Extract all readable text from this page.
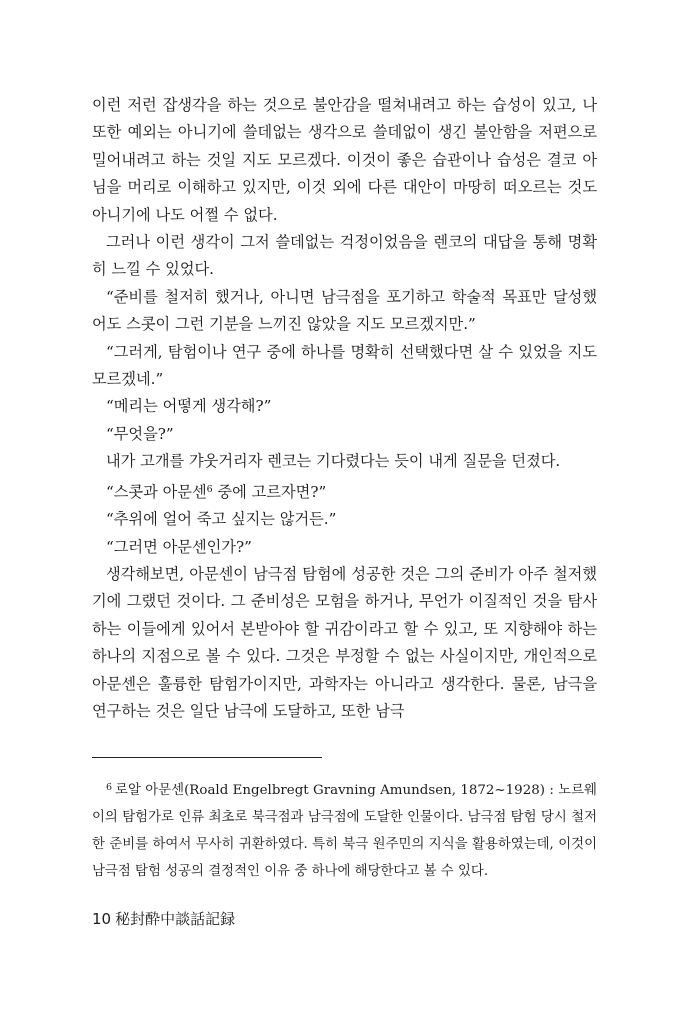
이런 저런 잡생각을 하는 것으로 불안감을 떨쳐내려고 하는 습성이 있고, 나 또한 예외는 아니기에 쓸데없는 생각으로 쓸데없이 생긴 불안함을 저편으로 밀어내려고 하는 것일 지도 모르겠다. 이것이 좋은 습관이나 습성은 결코 아님을 머리로 이해하고 있지만, 이것 외에 다른 대안이 마땅히 떠오르는 것도 아니기에 나도 어쩔 수 없다.

그러나 이런 생각이 그저 쓸데없는 걱정이었음을 렌코의 대답을 통해 명확히 느낄 수 있었다.

“준비를 철저히 했거나, 아니면 남극점을 포기하고 학술적 목표만 달성했어도 스콧이 그런 기분을 느끼진 않았을 지도 모르겠지만.”

“그러게, 탐험이나 연구 중에 하나를 명확히 선택했다면 살 수 있었을 지도 모르겠네.”

“메리는 어떻게 생각해?”

“무엇을?”

내가 고개를 갸웃거리자 렌코는 기다렸다는 듯이 내게 질문을 던졌다.

“스콧과 아문센$^6$ 중에 고르자면?”

“추위에 얼어 죽고 싶지는 않거든.”

“그러면 아문센인가?”

생각해보면, 아문센이 남극점 탐험에 성공한 것은 그의 준비가 아주 철저했기에 그랬던 것이다. 그 준비성은 모험을 하거나, 무언가 이질적인 것을 탐사하는 이들에게 있어서 본받아야 할 귀감이라고 할 수 있고, 또 지향해야 하는 하나의 지점으로 볼 수 있다. 그것은 부정할 수 없는 사실이지만, 개인적으로 아문센은 훌륭한 탐험가이지만, 과학자는 아니라고 생각한다. 물론, 남극을 연구하는 것은 일단 남극에 도달하고, 또한 남극

$^6$ 로알 아문센(Roald Engelbregt Gravning Amundsen, 1872~1928) : 노르웨이의 탐험가로 인류 최초로 북극점과 남극점에 도달한 인물이다. 남극점 탐험 당시 철저한 준비를 하여서 무사히 귀환하였다. 특히 북극 원주민의 지식을 활용하였는데, 이것이 남극점 탐험 성공의 결정적인 이유 중 하나에 해당한다고 볼 수 있다.

10 秘封酔中談話記録
